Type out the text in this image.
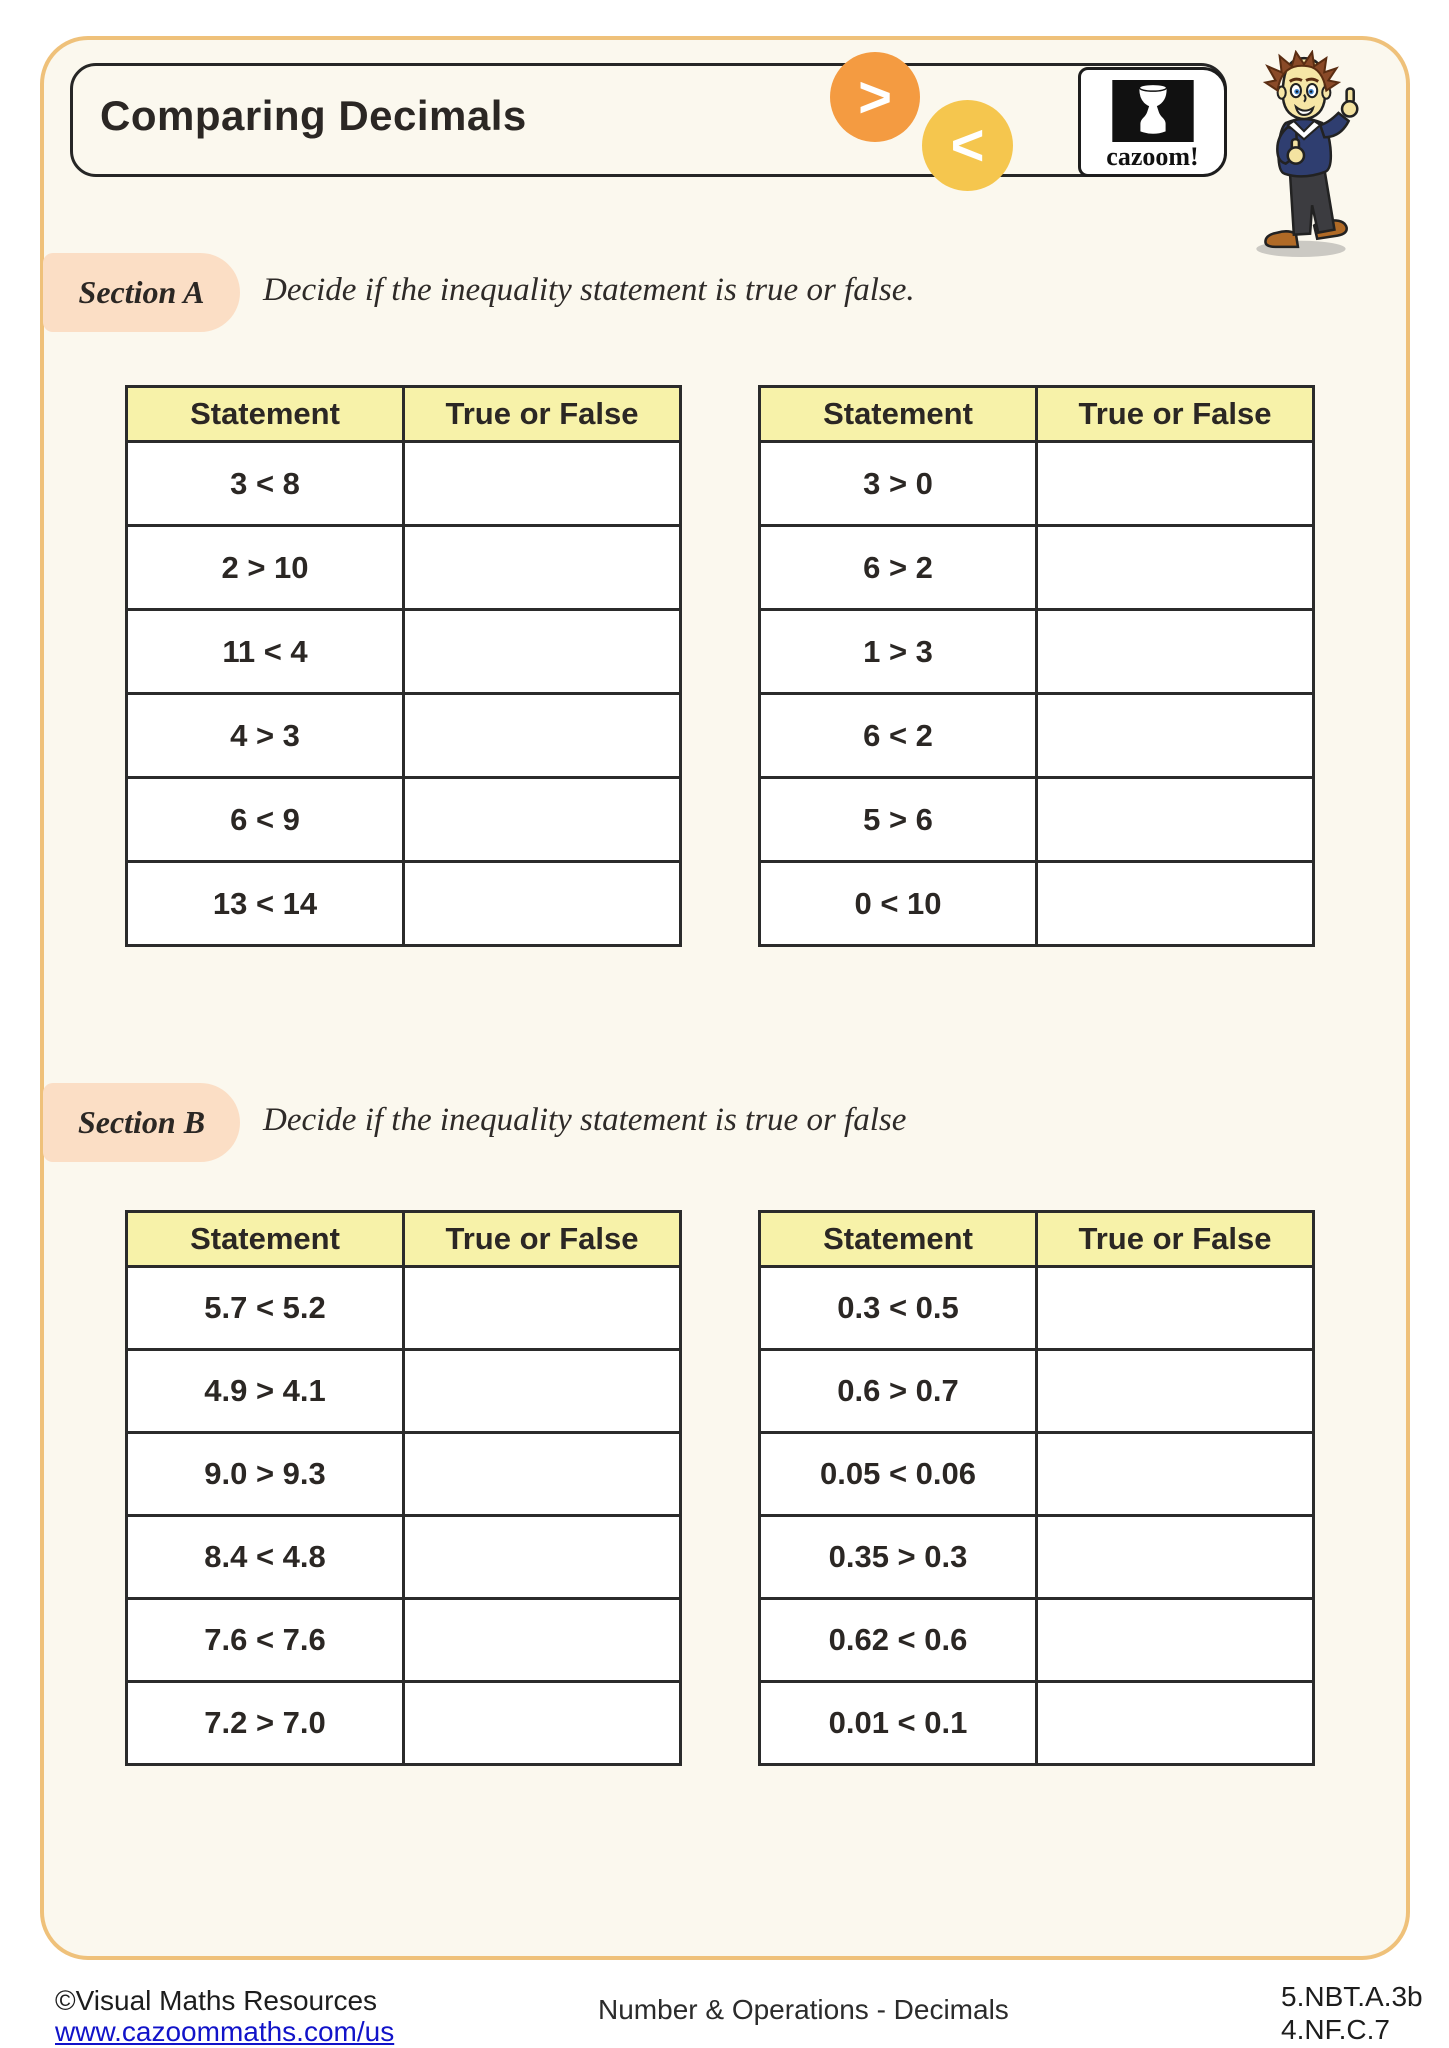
Comparing Decimals	>
<	cazoom!
Section A Decide if the inequality statement is true or false.
Statement	True or False
3 < 8	
2 > 10	
11 < 4	
4 > 3	
6 < 9	
13 < 14	
Statement	True or False
3 > 0	
6 > 2	
1 > 3	
6 < 2	
5 > 6	
0 < 10	
Section B Decide if the inequality statement is true or false
Statement	True or False
5.7 < 5.2	
4.9 > 4.1	
9.0 > 9.3	
8.4 < 4.8	
7.6 < 7.6	
7.2 > 7.0	
Statement	True or False
0.3 < 0.5	
0.6 > 0.7	
0.05 < 0.06	
0.35 > 0.3	
0.62 < 0.6	
0.01 < 0.1	
©Visual Maths Resources
www.cazoommaths.com/us
Number & Operations - Decimals	5.NBT.A.3b
4.NF.C.7
